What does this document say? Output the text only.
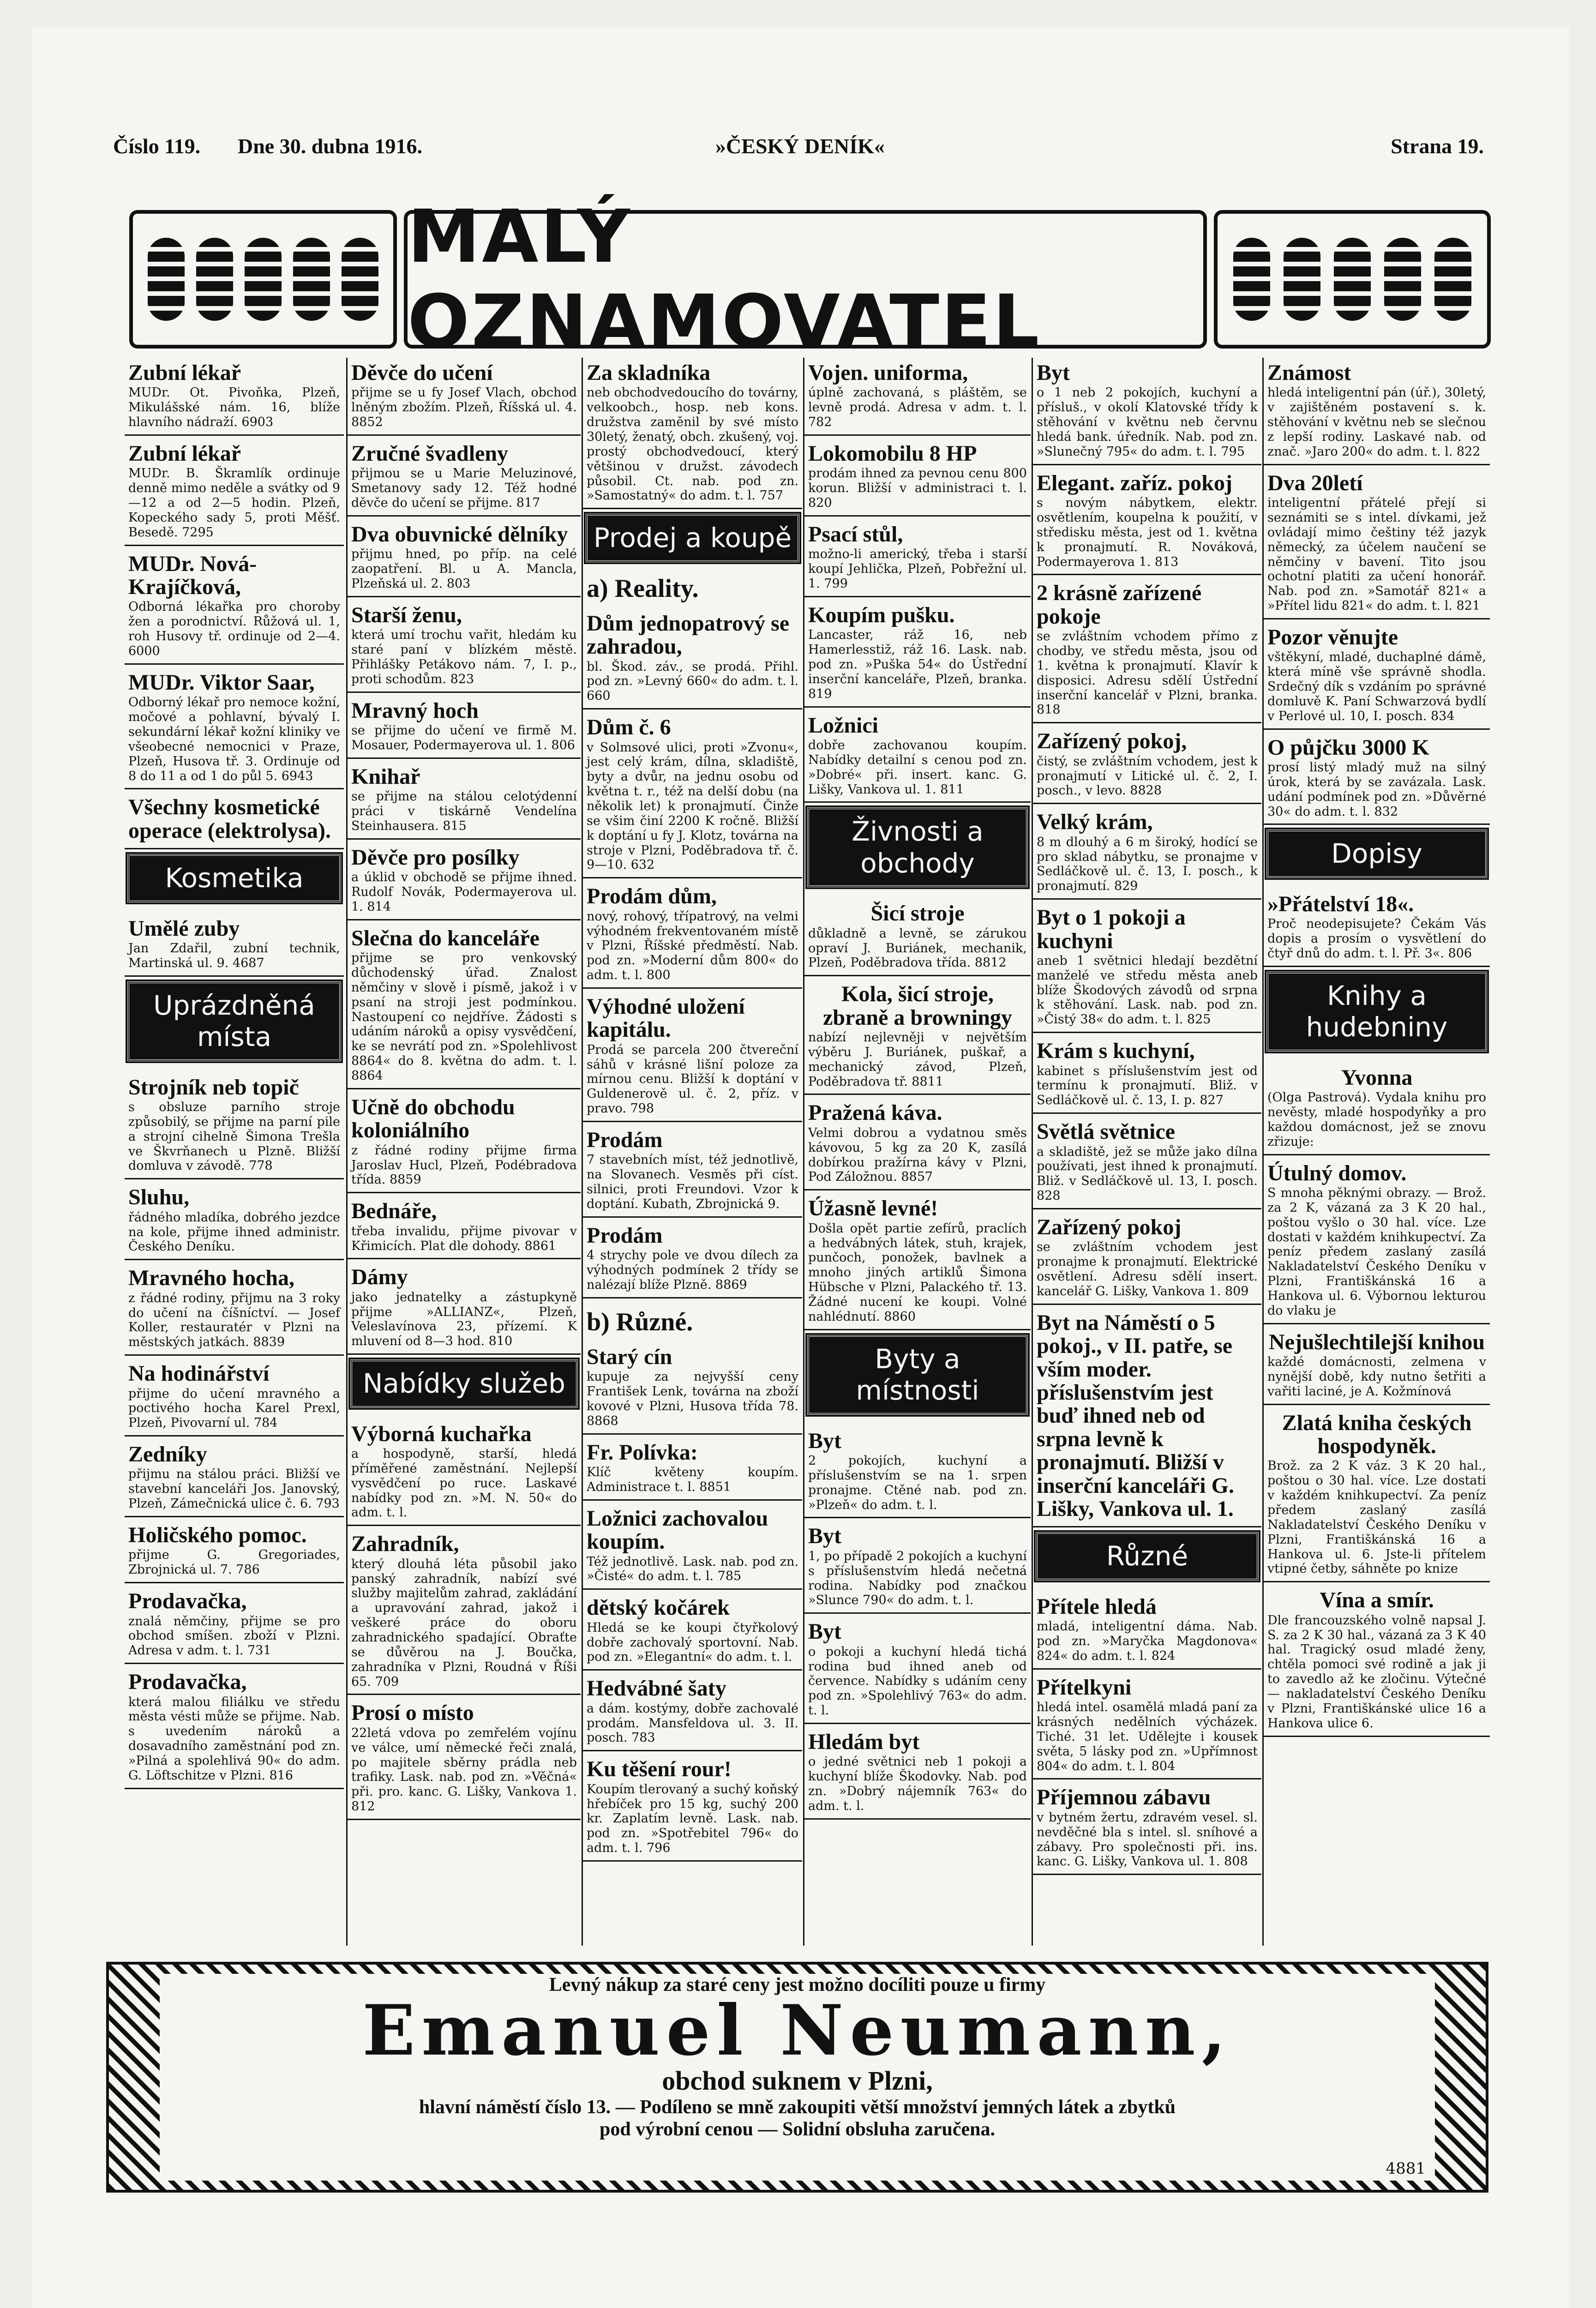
Číslo 119. Dne 30. dubna 1916.	»ČESKÝ DENÍK«	Strana 19.
MALÝ OZNAMOVATEL
Zubní lékař
MUDr. Ot. Pivoňka, Plzeň, Mikulášské nám. 16, blíže hlavního nádraží. 6903
Zubní lékař
MUDr. B. Škramlík ordinuje denně mimo neděle a svátky od 9—12 a od 2—5 hodin. Plzeň, Kopeckého sady 5, proti Měšť. Besedě. 7295
MUDr. Nová-Krajíčková,
Odborná lékařka pro choroby žen a porodnictví. Růžová ul. 1, roh Husovy tř. ordinuje od 2—4. 6000
MUDr. Viktor Saar,
Odborný lékař pro nemoce kožní, močové a pohlavní, bývalý I. sekundární lékař kožní kliniky ve všeobecné nemocnici v Praze, Plzeň, Husova tř. 3. Ordinuje od 8 do 11 a od 1 do půl 5. 6943
Všechny kosmetické operace (elektrolysa).
Kosmetika
Umělé zuby
Jan Zdařil, zubní technik, Martinská ul. 9. 4687
Uprázdněná místa
Strojník neb topič
s obsluze parního stroje způsobilý, se přijme na parní pile a strojní cihelně Šimona Trešla ve Škvrňanech u Plzně. Bližší domluva v závodě. 778
Sluhu,
řádného mladíka, dobrého jezdce na kole, přijme ihned administr. Českého Deníku.
Mravného hocha,
z řádné rodiny, přijmu na 3 roky do učení na číšníctví. — Josef Koller, restauratér v Plzni na městských jatkách. 8839
Na hodinářství
přijme do učení mravného a poctivého hocha Karel Prexl, Plzeň, Pivovarní ul. 784
Zedníky
přijmu na stálou práci. Bližší ve stavební kanceláři Jos. Janovský, Plzeň, Zámečnická ulice č. 6. 793
Holičského pomoc.
přijme G. Gregoriades, Zbrojnická ul. 7. 786
Prodavačka,
znalá němčiny, přijme se pro obchod smíšen. zboží v Plzni. Adresa v adm. t. l. 731
Prodavačka,
která malou filiálku ve středu města vésti může se přijme. Nab. s uvedením nároků a dosavadního zaměstnání pod zn. »Pilná a spolehlivá 90« do adm. G. Löftschitze v Plzni. 816
Děvče do učení
přijme se u fy Josef Vlach, obchod lněným zbožím. Plzeň, Říšská ul. 4. 8852
Zručné švadleny
přijmou se u Marie Meluzinové, Smetanovy sady 12. Též hodné děvče do učení se přijme. 817
Dva obuvnické dělníky
přijmu hned, po příp. na celé zaopatření. Bl. u A. Mancla, Plzeňská ul. 2. 803
Starší ženu,
která umí trochu vařit, hledám ku staré paní v blízkém městě. Přihlášky Petákovo nám. 7, I. p., proti schodům. 823
Mravný hoch
se přijme do učení ve firmě M. Mosauer, Podermayerova ul. 1. 806
Knihař
se přijme na stálou celotýdenní práci v tiskárně Vendelína Steinhausera. 815
Děvče pro posílky
a úklid v obchodě se přijme ihned. Rudolf Novák, Podermayerova ul. 1. 814
Slečna do kanceláře
přijme se pro venkovský důchodenský úřad. Znalost němčiny v slově i písmě, jakož i v psaní na stroji jest podmínkou. Nastoupení co nejdříve. Žádosti s udáním nároků a opisy vysvědčení, ke se nevrátí pod zn. »Spolehlivost 8864« do 8. května do adm. t. l. 8864
Učně do obchodu koloniálního
z řádné rodiny přijme firma Jaroslav Hucl, Plzeň, Podébradova třída. 8859
Bednáře,
třeba invalidu, přijme pivovar v Křimicích. Plat dle dohody. 8861
Dámy
jako jednatelky a zástupkyně přijme »ALLIANZ«, Plzeň, Veleslavínova 23, přízemí. K mluvení od 8—3 hod. 810
Nabídky služeb
Výborná kuchařka
a hospodyně, starší, hledá příměřené zaměstnání. Nejlepší vysvědčení po ruce. Laskavé nabídky pod zn. »M. N. 50« do adm. t. l.
Zahradník,
který dlouhá léta působil jako panský zahradník, nabízí své služby majitelům zahrad, zakládání a upravování zahrad, jakož i veškeré práce do oboru zahradnického spadající. Obraťte se důvěrou na J. Boučka, zahradníka v Plzni, Roudná v Říši 65. 709
Prosí o místo
22letá vdova po zemřelém vojínu ve válce, umí německé řeči znalá, po majitele sběrny prádla neb trafiky. Lask. nab. pod zn. »Věčná« při. pro. kanc. G. Lišky, Vankova 1. 812
Za skladníka
neb obchodvedoucího do továrny, velkoobch., hosp. neb kons. družstva zaměnil by své místo 30letý, ženatý, obch. zkušený, voj. prostý obchodvedoucí, který většinou v družst. závodech působil. Ct. nab. pod zn. »Samostatný« do adm. t. l. 757
Prodej a koupě
a) Reality.
Dům jednopatrový se zahradou,
bl. Škod. záv., se prodá. Přihl. pod zn. »Levný 660« do adm. t. l. 660
Dům č. 6
v Solmsové ulici, proti »Zvonu«, jest celý krám, dílna, skladiště, byty a dvůr, na jednu osobu od května t. r., též na delší dobu (na několik let) k pronajmutí. Činže se všim činí 2200 K ročně. Bližší k doptání u fy J. Klotz, továrna na stroje v Plzni, Poděbradova tř. č. 9—10. 632
Prodám dům,
nový, rohový, třípatrový, na velmi výhodném frekventovaném místě v Plzni, Říšské předměstí. Nab. pod zn. »Moderní dům 800« do adm. t. l. 800
Výhodné uložení kapitálu.
Prodá se parcela 200 čtvereční sáhů v krásné lišní poloze za mírnou cenu. Bližší k doptání v Guldenerově ul. č. 2, příz. v pravo. 798
Prodám
7 stavebních míst, též jednotlivě, na Slovanech. Vesměs při císt. silnici, proti Freundovi. Vzor k doptání. Kubath, Zbrojnická 9.
Prodám
4 strychy pole ve dvou dílech za výhodných podmínek 2 třídy se nalézají blíže Plzně. 8869
b) Různé.
Starý cín
kupuje za nejvyšší ceny František Lenk, továrna na zboží kovové v Plzni, Husova třída 78. 8868
Fr. Polívka:
Klíč květeny koupím. Administrace t. l. 8851
Ložnici zachovalou koupím.
Též jednotlivě. Lask. nab. pod zn. »Čisté« do adm. t. l. 785
dětský kočárek
Hledá se ke koupi čtyřkolový dobře zachovalý sportovní. Nab. pod zn. »Elegantní« do adm. t. l.
Hedvábné šaty
a dám. kostýmy, dobře zachovalé prodám. Mansfeldova ul. 3. II. posch. 783
Ku těšení rour!
Koupím tlerovaný a suchý koňský hřebíček pro 15 kg, suchý 200 kr. Zaplatím levně. Lask. nab. pod zn. »Spotřebitel 796« do adm. t. l. 796
Vojen. uniforma,
úplně zachovaná, s pláštěm, se levně prodá. Adresa v adm. t. l. 782
Lokomobilu 8 HP
prodám ihned za pevnou cenu 800 korun. Bližší v administraci t. l. 820
Psací stůl,
možno-li americký, třeba i starší koupí Jehlička, Plzeň, Pobřežní ul. 1. 799
Koupím pušku.
Lancaster, ráž 16, neb Hamerlesstiž, ráž 16. Lask. nab. pod zn. »Puška 54« do Ústřední inserční kanceláře, Plzeň, branka. 819
Ložnici
dobře zachovanou koupím. Nabídky detailní s cenou pod zn. »Dobré« při. insert. kanc. G. Lišky, Vankova ul. 1. 811
Živnosti a obchody
Šicí stroje
důkladně a levně, se zárukou opraví J. Buriánek, mechanik, Plzeň, Poděbradova třída. 8812
Kola, šicí stroje, zbraně a browningy
nabízí nejlevněji v největším výběru J. Buriánek, puškař, a mechanický závod, Plzeň, Poděbradova tř. 8811
Pražená káva.
Velmi dobrou a vydatnou směs kávovou, 5 kg za 20 K, zasílá dobírkou pražírna kávy v Plzni, Pod Záložnou. 8857
Úžasně levné!
Došla opět partie zefírů, praclích a hedvábných látek, stuh, krajek, punčoch, ponožek, bavlnek a mnoho jiných artiklů Šimona Hübsche v Plzni, Palackého tř. 13. Žádné nucení ke koupi. Volné nahlédnutí. 8860
Byty a místnosti
Byt
2 pokojích, kuchyní a příslušenstvím se na 1. srpen pronajme. Ctěné nab. pod zn. »Plzeň« do adm. t. l.
Byt
1, po případě 2 pokojích a kuchyní s příslušenstvím hledá nečetná rodina. Nabídky pod značkou »Slunce 790« do adm. t. l.
Byt
o pokoji a kuchyní hledá tichá rodina bud ihned aneb od července. Nabídky s udáním ceny pod zn. »Spolehlivý 763« do adm. t. l.
Hledám byt
o jedné světnici neb 1 pokoji a kuchyní blíže Škodovky. Nab. pod zn. »Dobrý nájemník 763« do adm. t. l.
Byt
o 1 neb 2 pokojích, kuchyní a přísluš., v okolí Klatovské třídy k stěhování v květnu neb červnu hledá bank. úředník. Nab. pod zn. »Slunečný 795« do adm. t. l. 795
Elegant. zaříz. pokoj
s novým nábytkem, elektr. osvětlením, koupelna k použití, v středisku města, jest od 1. května k pronajmutí. R. Nováková, Podermayerova 1. 813
2 krásně zařízené pokoje
se zvláštním vchodem přímo z chodby, ve středu města, jsou od 1. května k pronajmutí. Klavír k disposici. Adresu sdělí Ústřední inserční kancelář v Plzni, branka. 818
Zařízený pokoj,
čistý, se zvláštním vchodem, jest k pronajmutí v Litické ul. č. 2, I. posch., v levo. 8828
Velký krám,
8 m dlouhý a 6 m široký, hodící se pro sklad nábytku, se pronajme v Sedláčkově ul. č. 13, I. posch., k pronajmutí. 829
Byt o 1 pokoji a kuchyni
aneb 1 světnici hledají bezdětní manželé ve středu města aneb blíže Škodových závodů od srpna k stěhování. Lask. nab. pod zn. »Čistý 38« do adm. t. l. 825
Krám s kuchyní,
kabinet s příslušenstvím jest od termínu k pronajmutí. Bliž. v Sedláčkově ul. č. 13, I. p. 827
Světlá světnice
a skladiště, jež se může jako dílna používati, jest ihned k pronajmutí. Bliž. v Sedláčkově ul. 13, I. posch. 828
Zařízený pokoj
se zvláštním vchodem jest pronajme k pronajmutí. Elektrické osvětlení. Adresu sdělí insert. kancelář G. Lišky, Vankova 1. 809
Byt na Náměstí o 5 pokoj., v II. patře, se vším moder. příslušenstvím jest buď ihned neb od srpna levně k pronajmutí. Bližší v inserční kanceláři G. Lišky, Vankova ul. 1.
Různé
Přítele hledá
mladá, inteligentní dáma. Nab. pod zn. »Maryčka Magdonova« 824« do adm. t. l. 824
Přítelkyni
hledá intel. osamělá mladá paní za krásných nedělních výcházek. Tiché. 31 let. Udělejte i kousek světa, 5 lásky pod zn. »Upřímnost 804« do adm. t. l. 804
Příjemnou zábavu
v bytném žertu, zdravém vesel. sl. nevděčné bla s intel. sl. sníhové a zábavy. Pro společnosti při. ins. kanc. G. Lišky, Vankova ul. 1. 808
Známost
hledá inteligentní pán (úř.), 30letý, v zajištěném postavení s. k. stěhování v květnu neb se slečnou z lepší rodiny. Laskavé nab. od znač. »Jaro 200« do adm. t. l. 822
Dva 20letí
inteligentní přátelé přejí si seznámiti se s intel. dívkami, jež ovládají mimo češtiny též jazyk německý, za účelem naučení se němčiny v bavení. Tito jsou ochotní platiti za učení honorář. Nab. pod zn. »Samotář 821« a »Přítel lidu 821« do adm. t. l. 821
Pozor věnujte
vštěkyní, mladé, duchaplné dámě, která míně vše správně shodla. Srdečný dík s vzdáním po správné domluvě K. Paní Schwarzová bydlí v Perlové ul. 10, I. posch. 834
O půjčku 3000 K
prosí listý mladý muž na silný úrok, která by se zavázala. Lask. udání podmínek pod zn. »Důvěrné 30« do adm. t. l. 832
Dopisy
»Přátelství 18«.
Proč neodepisujete? Čekám Vás dopis a prosím o vysvětlení do čtyř dnů do adm. t. l. Př. 3«. 806
Knihy a hudebniny
Yvonna
(Olga Pastrová). Vydala knihu pro nevěsty, mladé hospodyňky a pro každou domácnost, jež se znovu zřizuje:
Útulný domov.
S mnoha pěknými obrazy. — Brož. za 2 K, vázaná za 3 K 20 hal., poštou vyšlo o 30 hal. více. Lze dostati v každém knihkupectví. Za peníz předem zaslaný zasílá Nakladatelství Českého Deníku v Plzni, Františkánská 16 a Hankova ul. 6. Výbornou lekturou do vlaku je
Nejušlechtilejší knihou
každé domácnosti, zelmena v nynější době, kdy nutno šetřiti a vařiti laciné, je A. Kožmínová
Zlatá kniha českých hospodyněk.
Brož. za 2 K váz. 3 K 20 hal., poštou o 30 hal. více. Lze dostati v každém knihkupectví. Za peníz předem zaslaný zasílá Nakladatelství Českého Deníku v Plzni, Františkánská 16 a Hankova ul. 6. Jste-li přítelem vtipné četby, sáhněte po knize
Vína a smír.
Dle francouzského volně napsal J. S. za 2 K 30 hal., vázaná za 3 K 40 hal. Tragický osud mladé ženy, chtěla pomoci své rodině a jak ji to zavedlo až ke zločinu. Výtečné — nakladatelství Českého Deníku v Plzni, Františkánské ulice 16 a Hankova ulice 6.
Levný nákup za staré ceny jest možno docíliti pouze u firmy
Emanuel Neumann,
obchod suknem v Plzni,
hlavní náměstí číslo 13. — Podíleno se mně zakoupiti větší množství jemných látek a zbytků
pod výrobní cenou — Solidní obsluha zaručena.
4881
